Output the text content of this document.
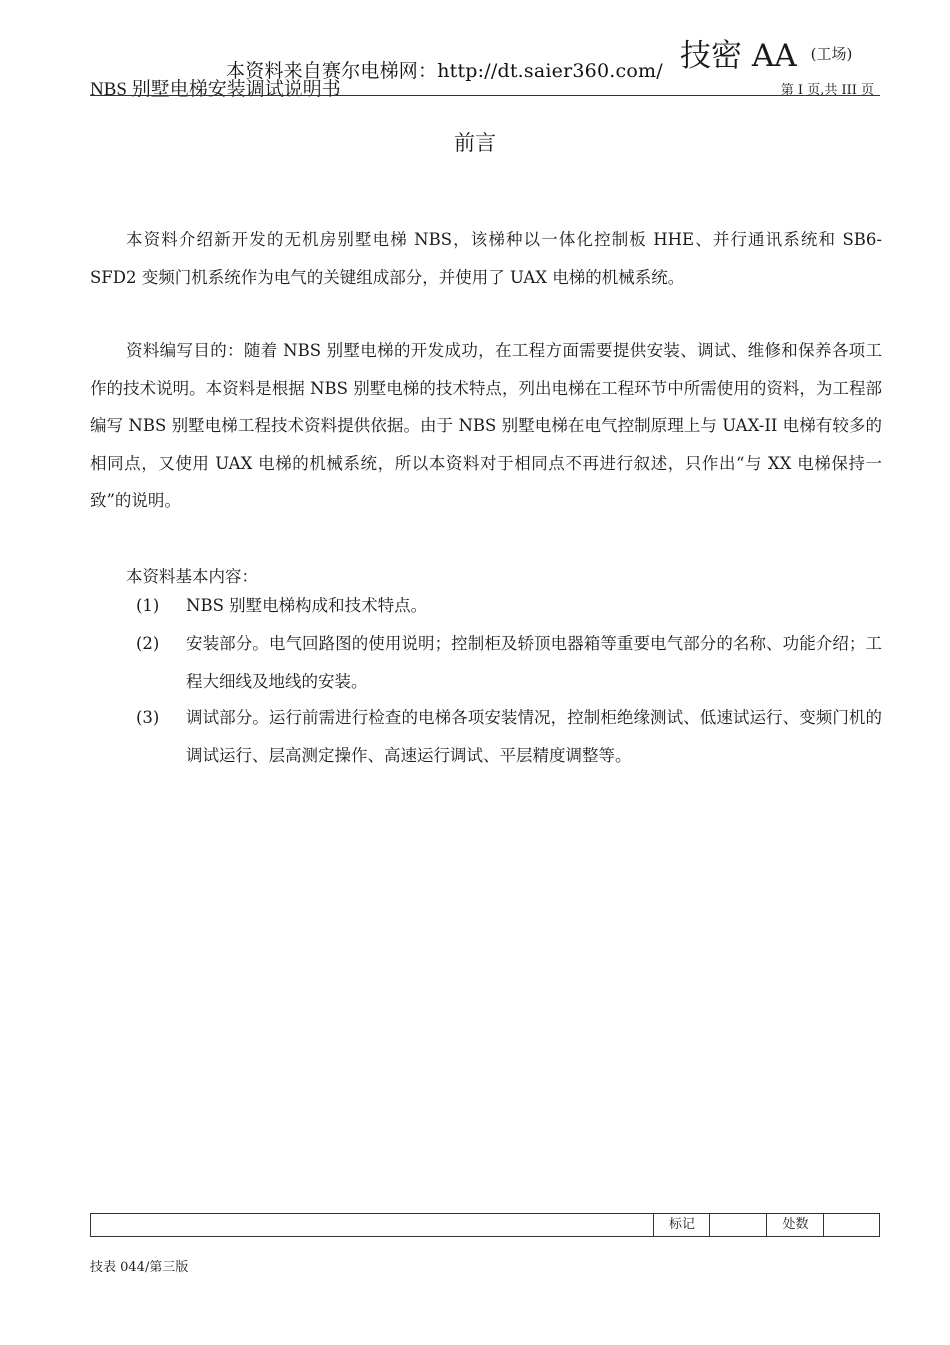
本资料来自赛尔电梯网：http://dt.saier360.com/ 技密 AA $^{(工场)}$
NBS 别墅电梯安装调试说明书	第 I 页,共 III 页
前言
本资料介绍新开发的无机房别墅电梯 NBS，该梯种以一体化控制板 HHE、并行通讯系统和 SB6-SFD2 变频门机系统作为电气的关键组成部分，并使用了 UAX 电梯的机械系统。
资料编写目的：随着 NBS 别墅电梯的开发成功，在工程方面需要提供安装、调试、维修和保养各项工作的技术说明。本资料是根据 NBS 别墅电梯的技术特点，列出电梯在工程环节中所需使用的资料，为工程部编写 NBS 别墅电梯工程技术资料提供依据。由于 NBS 别墅电梯在电气控制原理上与 UAX-II 电梯有较多的相同点，又使用 UAX 电梯的机械系统，所以本资料对于相同点不再进行叙述，只作出“与 XX 电梯保持一致”的说明。
本资料基本内容：
(1) NBS 别墅电梯构成和技术特点。
(2) 安装部分。电气回路图的使用说明；控制柜及轿顶电器箱等重要电气部分的名称、功能介绍；工程大细线及地线的安装。
(3) 调试部分。运行前需进行检查的电梯各项安装情况，控制柜绝缘测试、低速试运行、变频门机的调试运行、层高测定操作、高速运行调试、平层精度调整等。
标记	处数
技表 044/第三版
